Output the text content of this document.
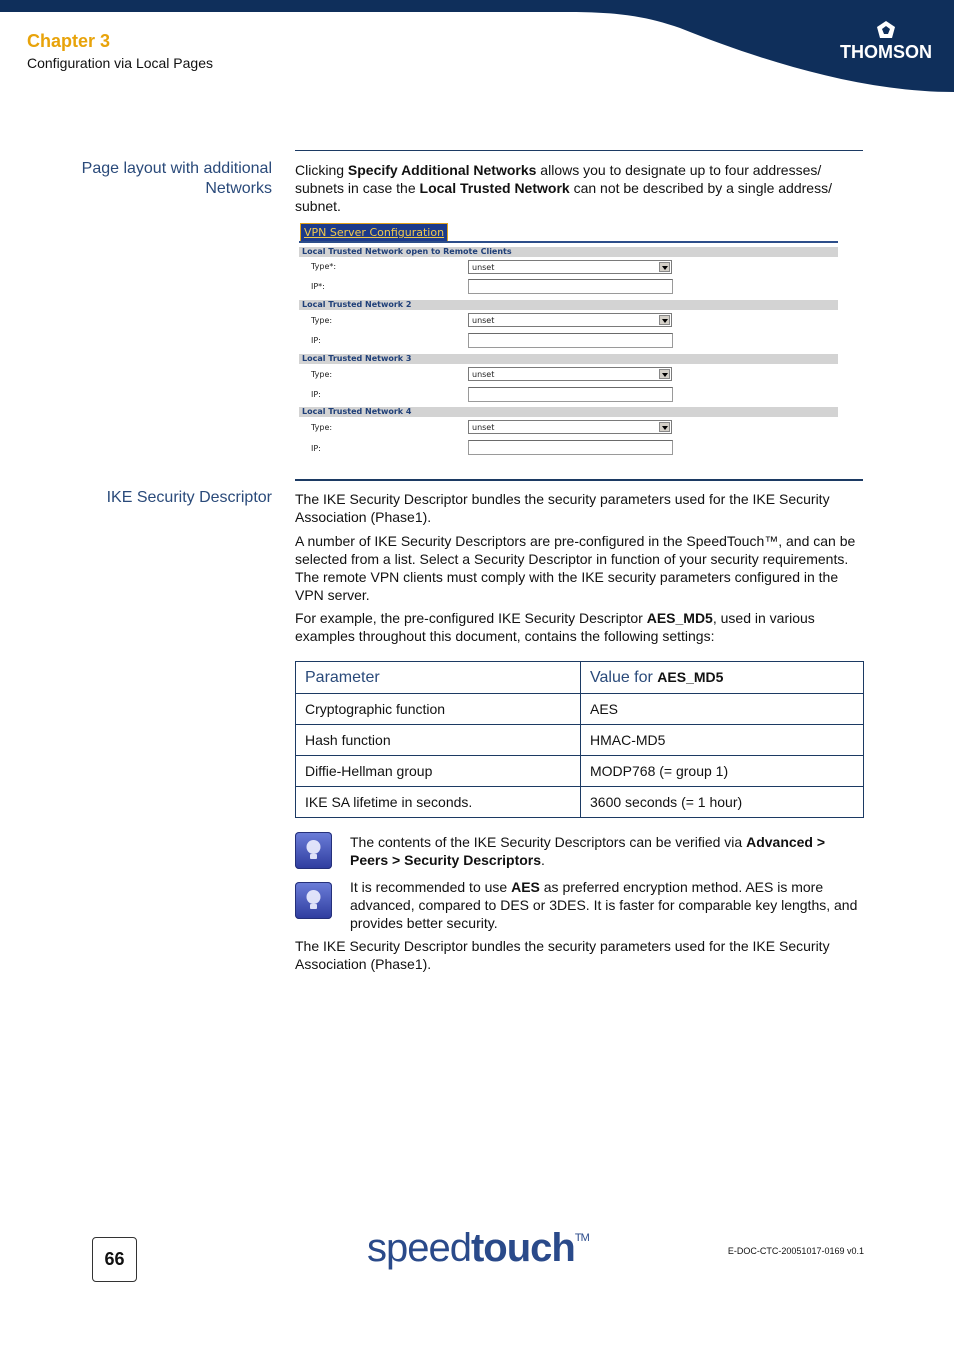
Chapter 3
Configuration via Local Pages
THOMSON
Page layout with additional Networks
Clicking Specify Additional Networks allows you to designate up to four addresses/ subnets in case the Local Trusted Network can not be described by a single address/ subnet.
VPN Server Configuration
Local Trusted Network open to Remote Clients
Type*:	unset
IP*:
Local Trusted Network 2
Type:	unset
IP:
Local Trusted Network 3
Type:	unset
IP:
Local Trusted Network 4
Type:	unset
IP:
IKE Security Descriptor The IKE Security Descriptor bundles the security parameters used for the IKE Security Association (Phase1).
A number of IKE Security Descriptors are pre-configured in the SpeedTouch™, and can be selected from a list. Select a Security Descriptor in function of your security requirements. The remote VPN clients must comply with the IKE security parameters configured in the VPN server.
For example, the pre-configured IKE Security Descriptor AES_MD5, used in various examples throughout this document, contains the following settings:
Parameter	Value for AES_MD5
Cryptographic function	AES
Hash function	HMAC-MD5
Diffie-Hellman group	MODP768 (= group 1)
IKE SA lifetime in seconds.	3600 seconds (= 1 hour)
The contents of the IKE Security Descriptors can be verified via Advanced > Peers > Security Descriptors.
It is recommended to use AES as preferred encryption method. AES is more advanced, compared to DES or 3DES. It is faster for comparable key lengths, and provides better security.
The IKE Security Descriptor bundles the security parameters used for the IKE Security Association (Phase1).
66	speedtouch™
E-DOC-CTC-20051017-0169 v0.1
